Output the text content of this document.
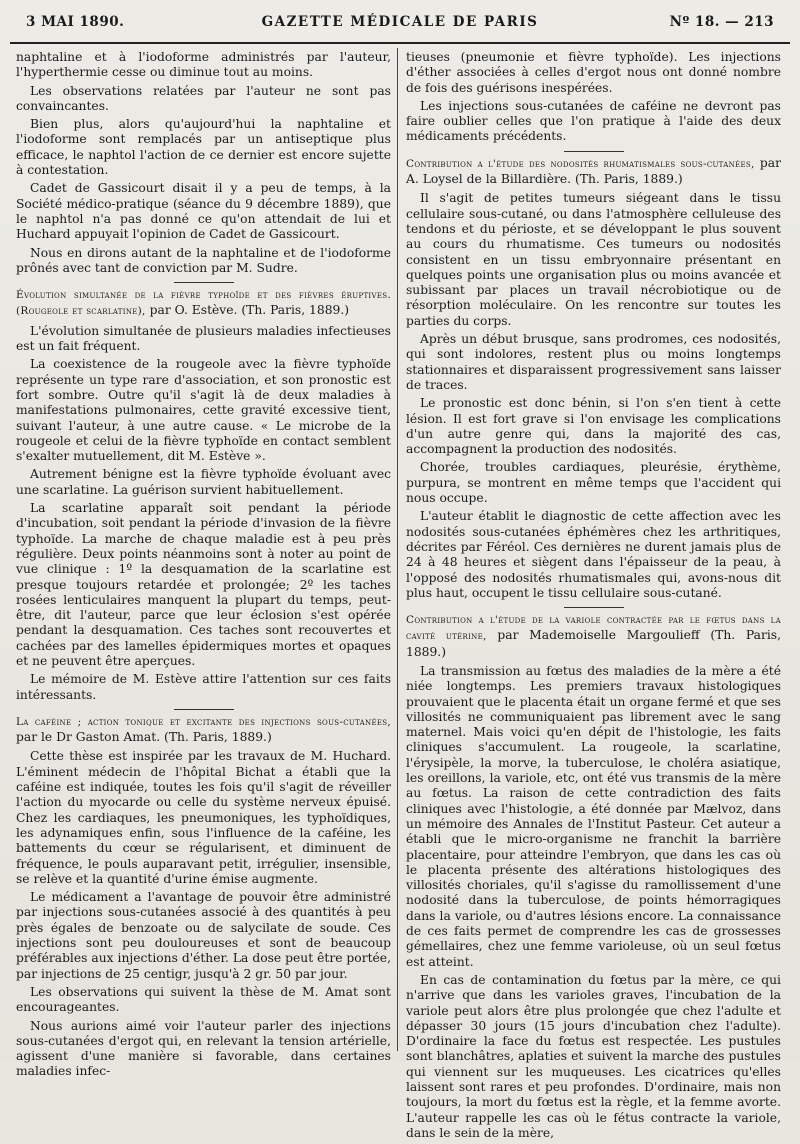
3 MAI 1890.	GAZETTE MÉDICALE DE PARIS	Nº 18. — 213

naphtaline et à l'iodoforme administrés par l'auteur, l'hyperthermie cesse ou diminue tout au moins.

Les observations relatées par l'auteur ne sont pas convaincantes.

Bien plus, alors qu'aujourd'hui la naphtaline et l'iodoforme sont remplacés par un antiseptique plus efficace, le naphtol l'action de ce dernier est encore sujette à contestation.

Cadet de Gassicourt disait il y a peu de temps, à la Société médico-pratique (séance du 9 décembre 1889), que le naphtol n'a pas donné ce qu'on attendait de lui et Huchard appuyait l'opinion de Cadet de Gassicourt.

Nous en dirons autant de la naphtaline et de l'iodoforme prônés avec tant de conviction par M. Sudre.

Évolution simultanée de la fièvre typhoïde et des fièvres éruptives. (Rougeole et scarlatine), par O. Estève. (Th. Paris, 1889.)

L'évolution simultanée de plusieurs maladies infectieuses est un fait fréquent.

La coexistence de la rougeole avec la fièvre typhoïde représente un type rare d'association, et son pronostic est fort sombre. Outre qu'il s'agit là de deux maladies à manifestations pulmonaires, cette gravité excessive tient, suivant l'auteur, à une autre cause. « Le microbe de la rougeole et celui de la fièvre typhoïde en contact semblent s'exalter mutuellement, dit M. Estève ».

Autrement bénigne est la fièvre typhoïde évoluant avec une scarlatine. La guérison survient habituellement.

La scarlatine apparaît soit pendant la période d'incubation, soit pendant la période d'invasion de la fièvre typhoïde. La marche de chaque maladie est à peu près régulière. Deux points néanmoins sont à noter au point de vue clinique : 1º la desquamation de la scarlatine est presque toujours retardée et prolongée; 2º les taches rosées lenticulaires manquent la plupart du temps, peut-être, dit l'auteur, parce que leur éclosion s'est opérée pendant la desquamation. Ces taches sont recouvertes et cachées par des lamelles épidermiques mortes et opaques et ne peuvent être aperçues.

Le mémoire de M. Estève attire l'attention sur ces faits intéressants.

La caféine ; action tonique et excitante des injections sous-cutanées, par le Dr Gaston Amat. (Th. Paris, 1889.)

Cette thèse est inspirée par les travaux de M. Huchard. L'éminent médecin de l'hôpital Bichat a établi que la caféine est indiquée, toutes les fois qu'il s'agit de réveiller l'action du myocarde ou celle du système nerveux épuisé. Chez les cardiaques, les pneumoniques, les typhoïdiques, les adynamiques enfin, sous l'influence de la caféine, les battements du cœur se régularisent, et diminuent de fréquence, le pouls auparavant petit, irrégulier, insensible, se relève et la quantité d'urine émise augmente.

Le médicament a l'avantage de pouvoir être administré par injections sous-cutanées associé à des quantités à peu près égales de benzoate ou de salycilate de soude. Ces injections sont peu douloureuses et sont de beaucoup préférables aux injections d'éther. La dose peut être portée, par injections de 25 centigr, jusqu'à 2 gr. 50 par jour.

Les observations qui suivent la thèse de M. Amat sont encourageantes.

Nous aurions aimé voir l'auteur parler des injections sous-cutanées d'ergot qui, en relevant la tension artérielle, agissent d'une manière si favorable, dans certaines maladies infec-

tieuses (pneumonie et fièvre typhoïde). Les injections d'éther associées à celles d'ergot nous ont donné nombre de fois des guérisons inespérées.

Les injections sous-cutanées de caféine ne devront pas faire oublier celles que l'on pratique à l'aide des deux médicaments précédents.

Contribution a l'étude des nodosités rhumatismales sous-cutanées, par A. Loysel de la Billardière. (Th. Paris, 1889.)

Il s'agit de petites tumeurs siégeant dans le tissu cellulaire sous-cutané, ou dans l'atmosphère celluleuse des tendons et du périoste, et se développant le plus souvent au cours du rhumatisme. Ces tumeurs ou nodosités consistent en un tissu embryonnaire présentant en quelques points une organisation plus ou moins avancée et subissant par places un travail nécrobiotique ou de résorption moléculaire. On les rencontre sur toutes les parties du corps.

Après un début brusque, sans prodromes, ces nodosités, qui sont indolores, restent plus ou moins longtemps stationnaires et disparaissent progressivement sans laisser de traces.

Le pronostic est donc bénin, si l'on s'en tient à cette lésion. Il est fort grave si l'on envisage les complications d'un autre genre qui, dans la majorité des cas, accompagnent la production des nodosités.

Chorée, troubles cardiaques, pleurésie, érythème, purpura, se montrent en même temps que l'accident qui nous occupe.

L'auteur établit le diagnostic de cette affection avec les nodosités sous-cutanées éphémères chez les arthritiques, décrites par Féréol. Ces dernières ne durent jamais plus de 24 à 48 heures et siègent dans l'épaisseur de la peau, à l'opposé des nodosités rhumatismales qui, avons-nous dit plus haut, occupent le tissu cellulaire sous-cutané.

Contribution a l'étude de la variole contractée par le fœtus dans la cavité utérine, par Mademoiselle Margoulieff (Th. Paris, 1889.)

La transmission au fœtus des maladies de la mère a été niée longtemps. Les premiers travaux histologiques prouvaient que le placenta était un organe fermé et que ses villosités ne communiquaient pas librement avec le sang maternel. Mais voici qu'en dépit de l'histologie, les faits cliniques s'accumulent. La rougeole, la scarlatine, l'érysipèle, la morve, la tuberculose, le choléra asiatique, les oreillons, la variole, etc, ont été vus transmis de la mère au fœtus. La raison de cette contradiction des faits cliniques avec l'histologie, a été donnée par Mælvoz, dans un mémoire des Annales de l'Institut Pasteur. Cet auteur a établi que le micro-organisme ne franchit la barrière placentaire, pour atteindre l'embryon, que dans les cas où le placenta présente des altérations histologiques des villosités choriales, qu'il s'agisse du ramollissement d'une nodosité dans la tuberculose, de points hémorragiques dans la variole, ou d'autres lésions encore. La connaissance de ces faits permet de comprendre les cas de grossesses gémellaires, chez une femme varioleuse, où un seul fœtus est atteint.

En cas de contamination du fœtus par la mère, ce qui n'arrive que dans les varioles graves, l'incubation de la variole peut alors être plus prolongée que chez l'adulte et dépasser 30 jours (15 jours d'incubation chez l'adulte). D'ordinaire la face du fœtus est respectée. Les pustules sont blanchâtres, aplaties et suivent la marche des pustules qui viennent sur les muqueuses. Les cicatrices qu'elles laissent sont rares et peu profondes. D'ordinaire, mais non toujours, la mort du fœtus est la règle, et la femme avorte. L'auteur rappelle les cas où le fétus contracte la variole, dans le sein de la mère,
